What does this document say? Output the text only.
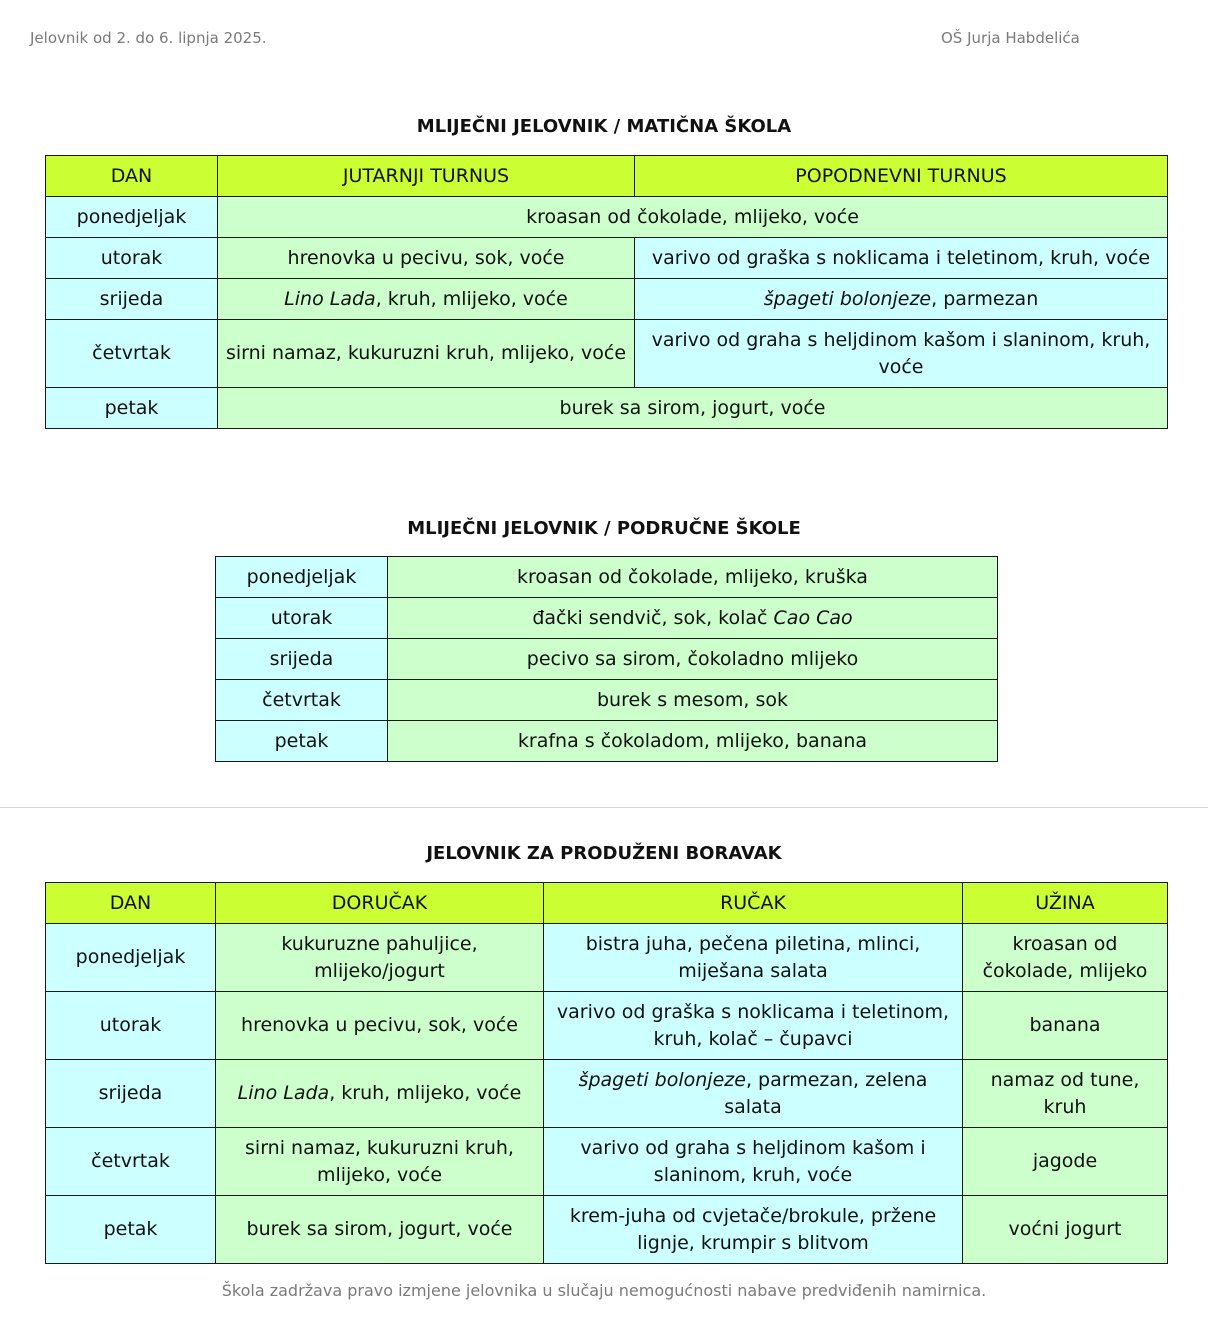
Jelovnik od 2. do 6. lipnja 2025.	OŠ Jurja Habdelića
MLIJEČNI JELOVNIK / MATIČNA ŠKOLA
DAN	JUTARNJI TURNUS	POPODNEVNI TURNUS
ponedjeljak	kroasan od čokolade, mlijeko, voće	
utorak	hrenovka u pecivu, sok, voće	varivo od graška s noklicama i teletinom, kruh, voće
srijeda	Lino Lada, kruh, mlijeko, voće	špageti bolonjeze, parmezan
četvrtak	sirni namaz, kukuruzni kruh, mlijeko, voće	varivo od graha s heljdinom kašom i slaninom, kruh, voće
petak	burek sa sirom, jogurt, voće	
MLIJEČNI JELOVNIK / PODRUČNE ŠKOLE
ponedjeljak	kroasan od čokolade, mlijeko, kruška
utorak	đački sendvič, sok, kolač Cao Cao
srijeda	pecivo sa sirom, čokoladno mlijeko
četvrtak	burek s mesom, sok
petak	krafna s čokoladom, mlijeko, banana
JELOVNIK ZA PRODUŽENI BORAVAK
DAN	DORUČAK	RUČAK	UŽINA
ponedjeljak	kukuruzne pahuljice, mlijeko/jogurt	bistra juha, pečena piletina, mlinci, miješana salata	kroasan od čokolade, mlijeko
utorak	hrenovka u pecivu, sok, voće	varivo od graška s noklicama i teletinom, kruh, kolač – čupavci	banana
srijeda	Lino Lada, kruh, mlijeko, voće	špageti bolonjeze, parmezan, zelena salata	namaz od tune, kruh
četvrtak	sirni namaz, kukuruzni kruh, mlijeko, voće	varivo od graha s heljdinom kašom i slaninom, kruh, voće	jagode
petak	burek sa sirom, jogurt, voće	krem-juha od cvjetače/brokule, pržene lignje, krumpir s blitvom	voćni jogurt
Škola zadržava pravo izmjene jelovnika u slučaju nemogućnosti nabave predviđenih namirnica.
